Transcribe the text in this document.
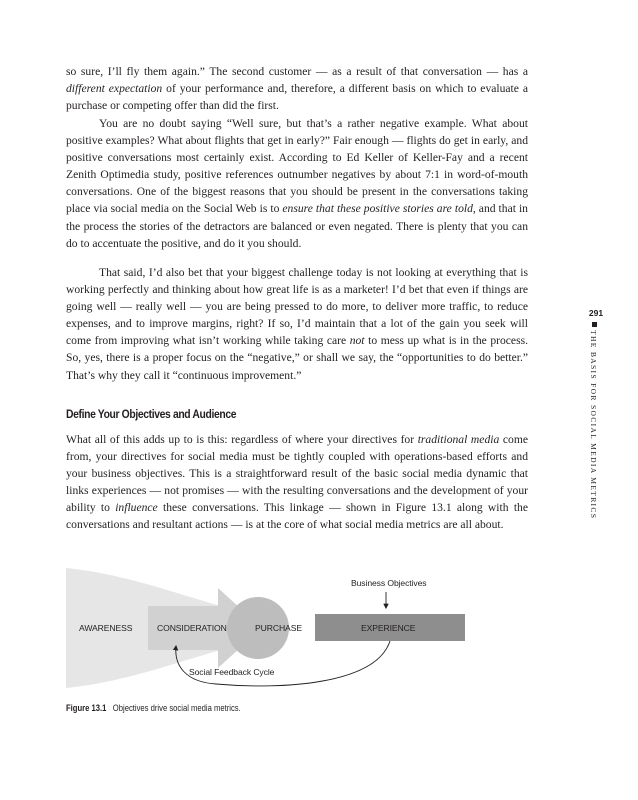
so sure, I’ll fly them again.” The second customer — as a result of that conversation — has a different expectation of your performance and, therefore, a different basis on which to evaluate a purchase or competing offer than did the first.

You are no doubt saying “Well sure, but that’s a rather negative example. What about positive examples? What about flights that get in early?” Fair enough — flights do get in early, and positive conversations most certainly exist. According to Ed Keller of Keller-Fay and a recent Zenith Optimedia study, positive references outnumber negatives by about 7:1 in word-of-mouth conversations. One of the biggest reasons that you should be present in the conversations taking place via social media on the Social Web is to ensure that these positive stories are told, and that in the process the stories of the detractors are balanced or even negated. There is plenty that you can do to accentuate the positive, and do it you should.

That said, I’d also bet that your biggest challenge today is not looking at everything that is working perfectly and thinking about how great life is as a marketer! I’d bet that even if things are going well — really well — you are being pressed to do more, to deliver more traffic, to reduce expenses, and to improve margins, right? If so, I’d maintain that a lot of the gain you seek will come from improving what isn’t working while taking care not to mess up what is in the process. So, yes, there is a proper focus on the “negative,” or shall we say, the “opportunities to do better.” That’s why they call it “continuous improvement.”

Define Your Objectives and Audience

What all of this adds up to is this: regardless of where your directives for traditional media come from, your directives for social media must be tightly coupled with operations-based efforts and your business objectives. This is a straightforward result of the basic social media dynamic that links experiences — not promises — with the resulting conversations and the development of your ability to influence these conversations. This linkage — shown in Figure 13.1 along with the conversations and resultant actions — is at the core of what social media metrics are all about.

291
THE BASIS FOR SOCIAL MEDIA METRICS
AWARENESS	CONSIDERATION	PURCHASE	EXPERIENCE
Business Objectives
Social Feedback Cycle

Figure 13.1 Objectives drive social media metrics.
